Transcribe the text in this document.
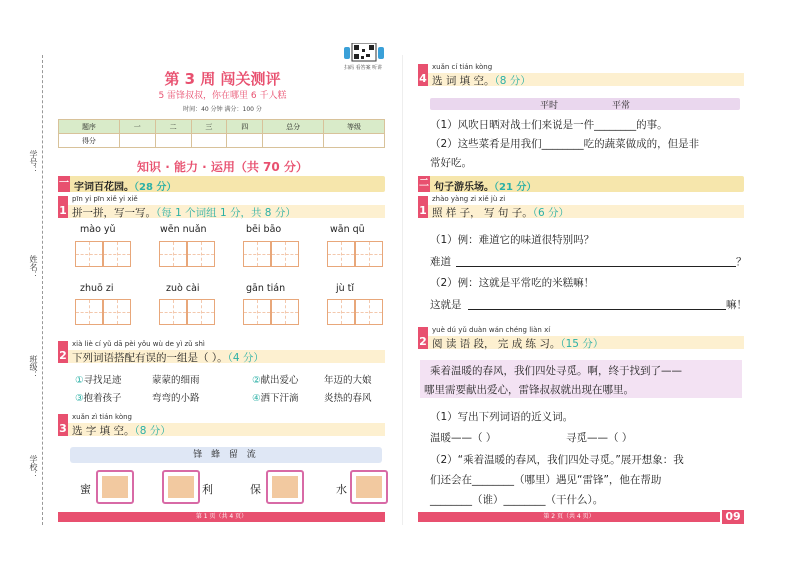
学号：
姓名：
班级：
学校：
扫码 看答案 听讲
第 3 周 闯关测评
5 雷锋叔叔，你在哪里 6 千人糕
时间：40 分钟 满分：100 分
题序	一	二	三	四	总分	等级
得分						
知识 · 能力 · 运用（共 70 分）
一 字词百花园。（28 分）
1
pīn yi pīn xiě yi xiě
拼一拼，写一写。（每 1 个词组 1 分，共 8 分）
mào yǔ	wēn nuǎn	bēi bāo	wān qū
zhuō zi	zuò cài	gān tián	jù tǐ
2
xià liè cí yǔ dā pèi yǒu wù de yì zǔ shì
下列词语搭配有误的一组是（ ）。（4 分）
①寻找足迹	蒙蒙的细雨	②献出爱心	年迈的大娘
③抱着孩子	弯弯的小路	④洒下汗滴	炎热的春风
3
xuǎn zì tián kòng
选 字 填 空。（8 分）
锋 蜂 留 流
蜜	利	保	水
4
xuǎn cí tián kòng
选 词 填 空。（8 分）
平时	平常
（1）风吹日晒对战士们来说是一件________的事。
（2）这些菜肴是用我们________吃的蔬菜做成的，但是非
常好吃。
二 句子游乐场。（21 分）
1
zhào yàng zi xiě jù zi
照 样 子， 写 句 子。（6 分）
（1）例：难道它的味道很特别吗？
难道	？
（2）例：这就是平常吃的米糕嘛！
这就是	嘛！
2
yuè dú yǔ duàn wán chéng liàn xí
阅 读 语 段， 完 成 练 习。（15 分）
乘着温暖的春风，我们四处寻觅。啊，终于找到了——
哪里需要献出爱心，雷锋叔叔就出现在哪里。
（1）写出下列词语的近义词。
温暖——（ ）	寻觅——（ ）
（2）“乘着温暖的春风，我们四处寻觅。”展开想象：我
们还会在________（哪里）遇见“雷锋”，他在帮助
________（谁）________（干什么）。
第 1 页（共 4 页）	第 2 页（共 4 页）	09
